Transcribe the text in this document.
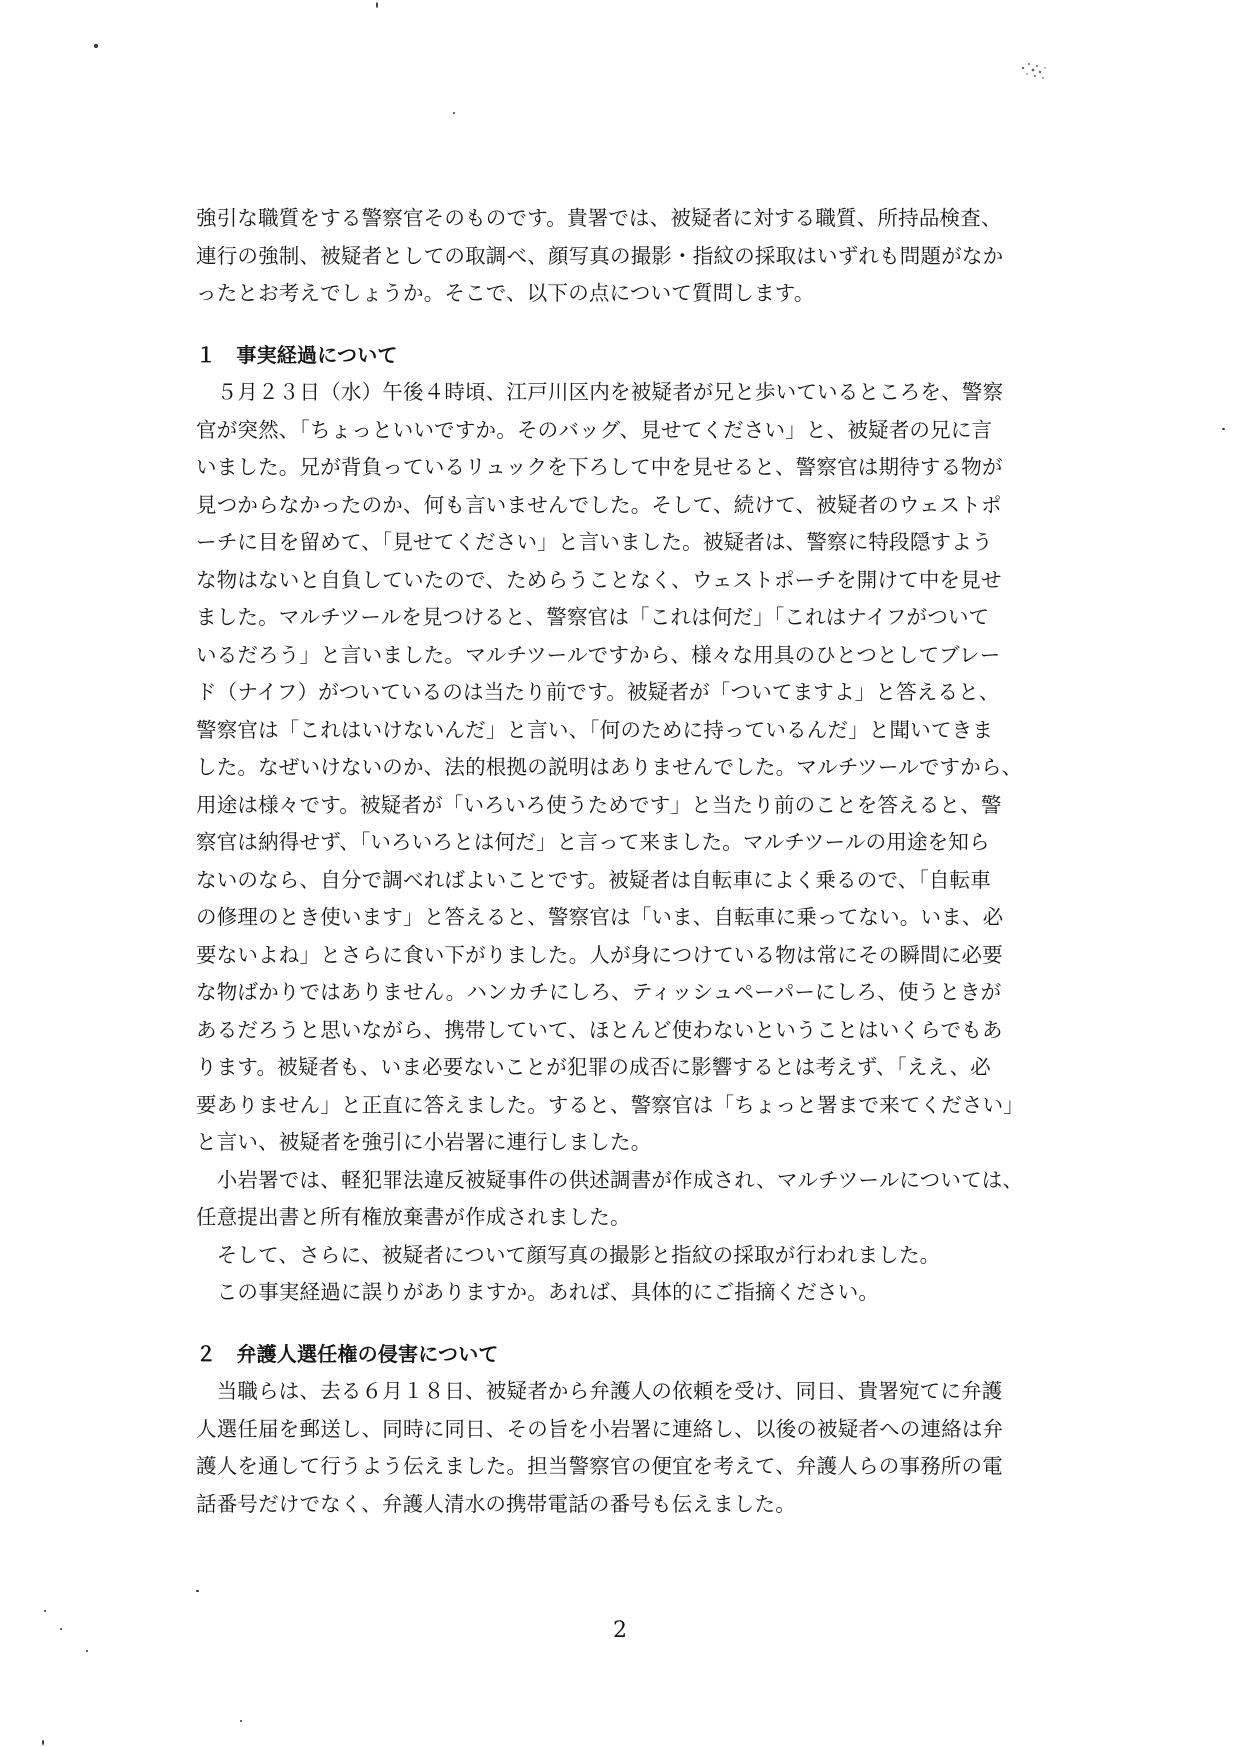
強引な職質をする警察官そのものです。貴署では、被疑者に対する職質、所持品検査、
連行の強制、被疑者としての取調べ、顔写真の撮影・指紋の採取はいずれも問題がなか
ったとお考えでしょうか。そこで、以下の点について質問します。
１　事実経過について
　５月２３日（水）午後４時頃、江戸川区内を被疑者が兄と歩いているところを、警察
官が突然、「ちょっといいですか。そのバッグ、見せてください」と、被疑者の兄に言
いました。兄が背負っているリュックを下ろして中を見せると、警察官は期待する物が
見つからなかったのか、何も言いませんでした。そして、続けて、被疑者のウェストポ
ーチに目を留めて、「見せてください」と言いました。被疑者は、警察に特段隠すよう
な物はないと自負していたので、ためらうことなく、ウェストポーチを開けて中を見せ
ました。マルチツールを見つけると、警察官は「これは何だ」「これはナイフがついて
いるだろう」と言いました。マルチツールですから、様々な用具のひとつとしてブレー
ド（ナイフ）がついているのは当たり前です。被疑者が「ついてますよ」と答えると、
警察官は「これはいけないんだ」と言い、「何のために持っているんだ」と聞いてきま
した。なぜいけないのか、法的根拠の説明はありませんでした。マルチツールですから、
用途は様々です。被疑者が「いろいろ使うためです」と当たり前のことを答えると、警
察官は納得せず、「いろいろとは何だ」と言って来ました。マルチツールの用途を知ら
ないのなら、自分で調べればよいことです。被疑者は自転車によく乗るので、「自転車
の修理のとき使います」と答えると、警察官は「いま、自転車に乗ってない。いま、必
要ないよね」とさらに食い下がりました。人が身につけている物は常にその瞬間に必要
な物ばかりではありません。ハンカチにしろ、ティッシュペーパーにしろ、使うときが
あるだろうと思いながら、携帯していて、ほとんど使わないということはいくらでもあ
ります。被疑者も、いま必要ないことが犯罪の成否に影響するとは考えず、「ええ、必
要ありません」と正直に答えました。すると、警察官は「ちょっと署まで来てください」
と言い、被疑者を強引に小岩署に連行しました。
　小岩署では、軽犯罪法違反被疑事件の供述調書が作成され、マルチツールについては、
任意提出書と所有権放棄書が作成されました。
　そして、さらに、被疑者について顔写真の撮影と指紋の採取が行われました。
　この事実経過に誤りがありますか。あれば、具体的にご指摘ください。
２　弁護人選任権の侵害について
　当職らは、去る６月１８日、被疑者から弁護人の依頼を受け、同日、貴署宛てに弁護
人選任届を郵送し、同時に同日、その旨を小岩署に連絡し、以後の被疑者への連絡は弁
護人を通して行うよう伝えました。担当警察官の便宜を考えて、弁護人らの事務所の電
話番号だけでなく、弁護人清水の携帯電話の番号も伝えました。
2
